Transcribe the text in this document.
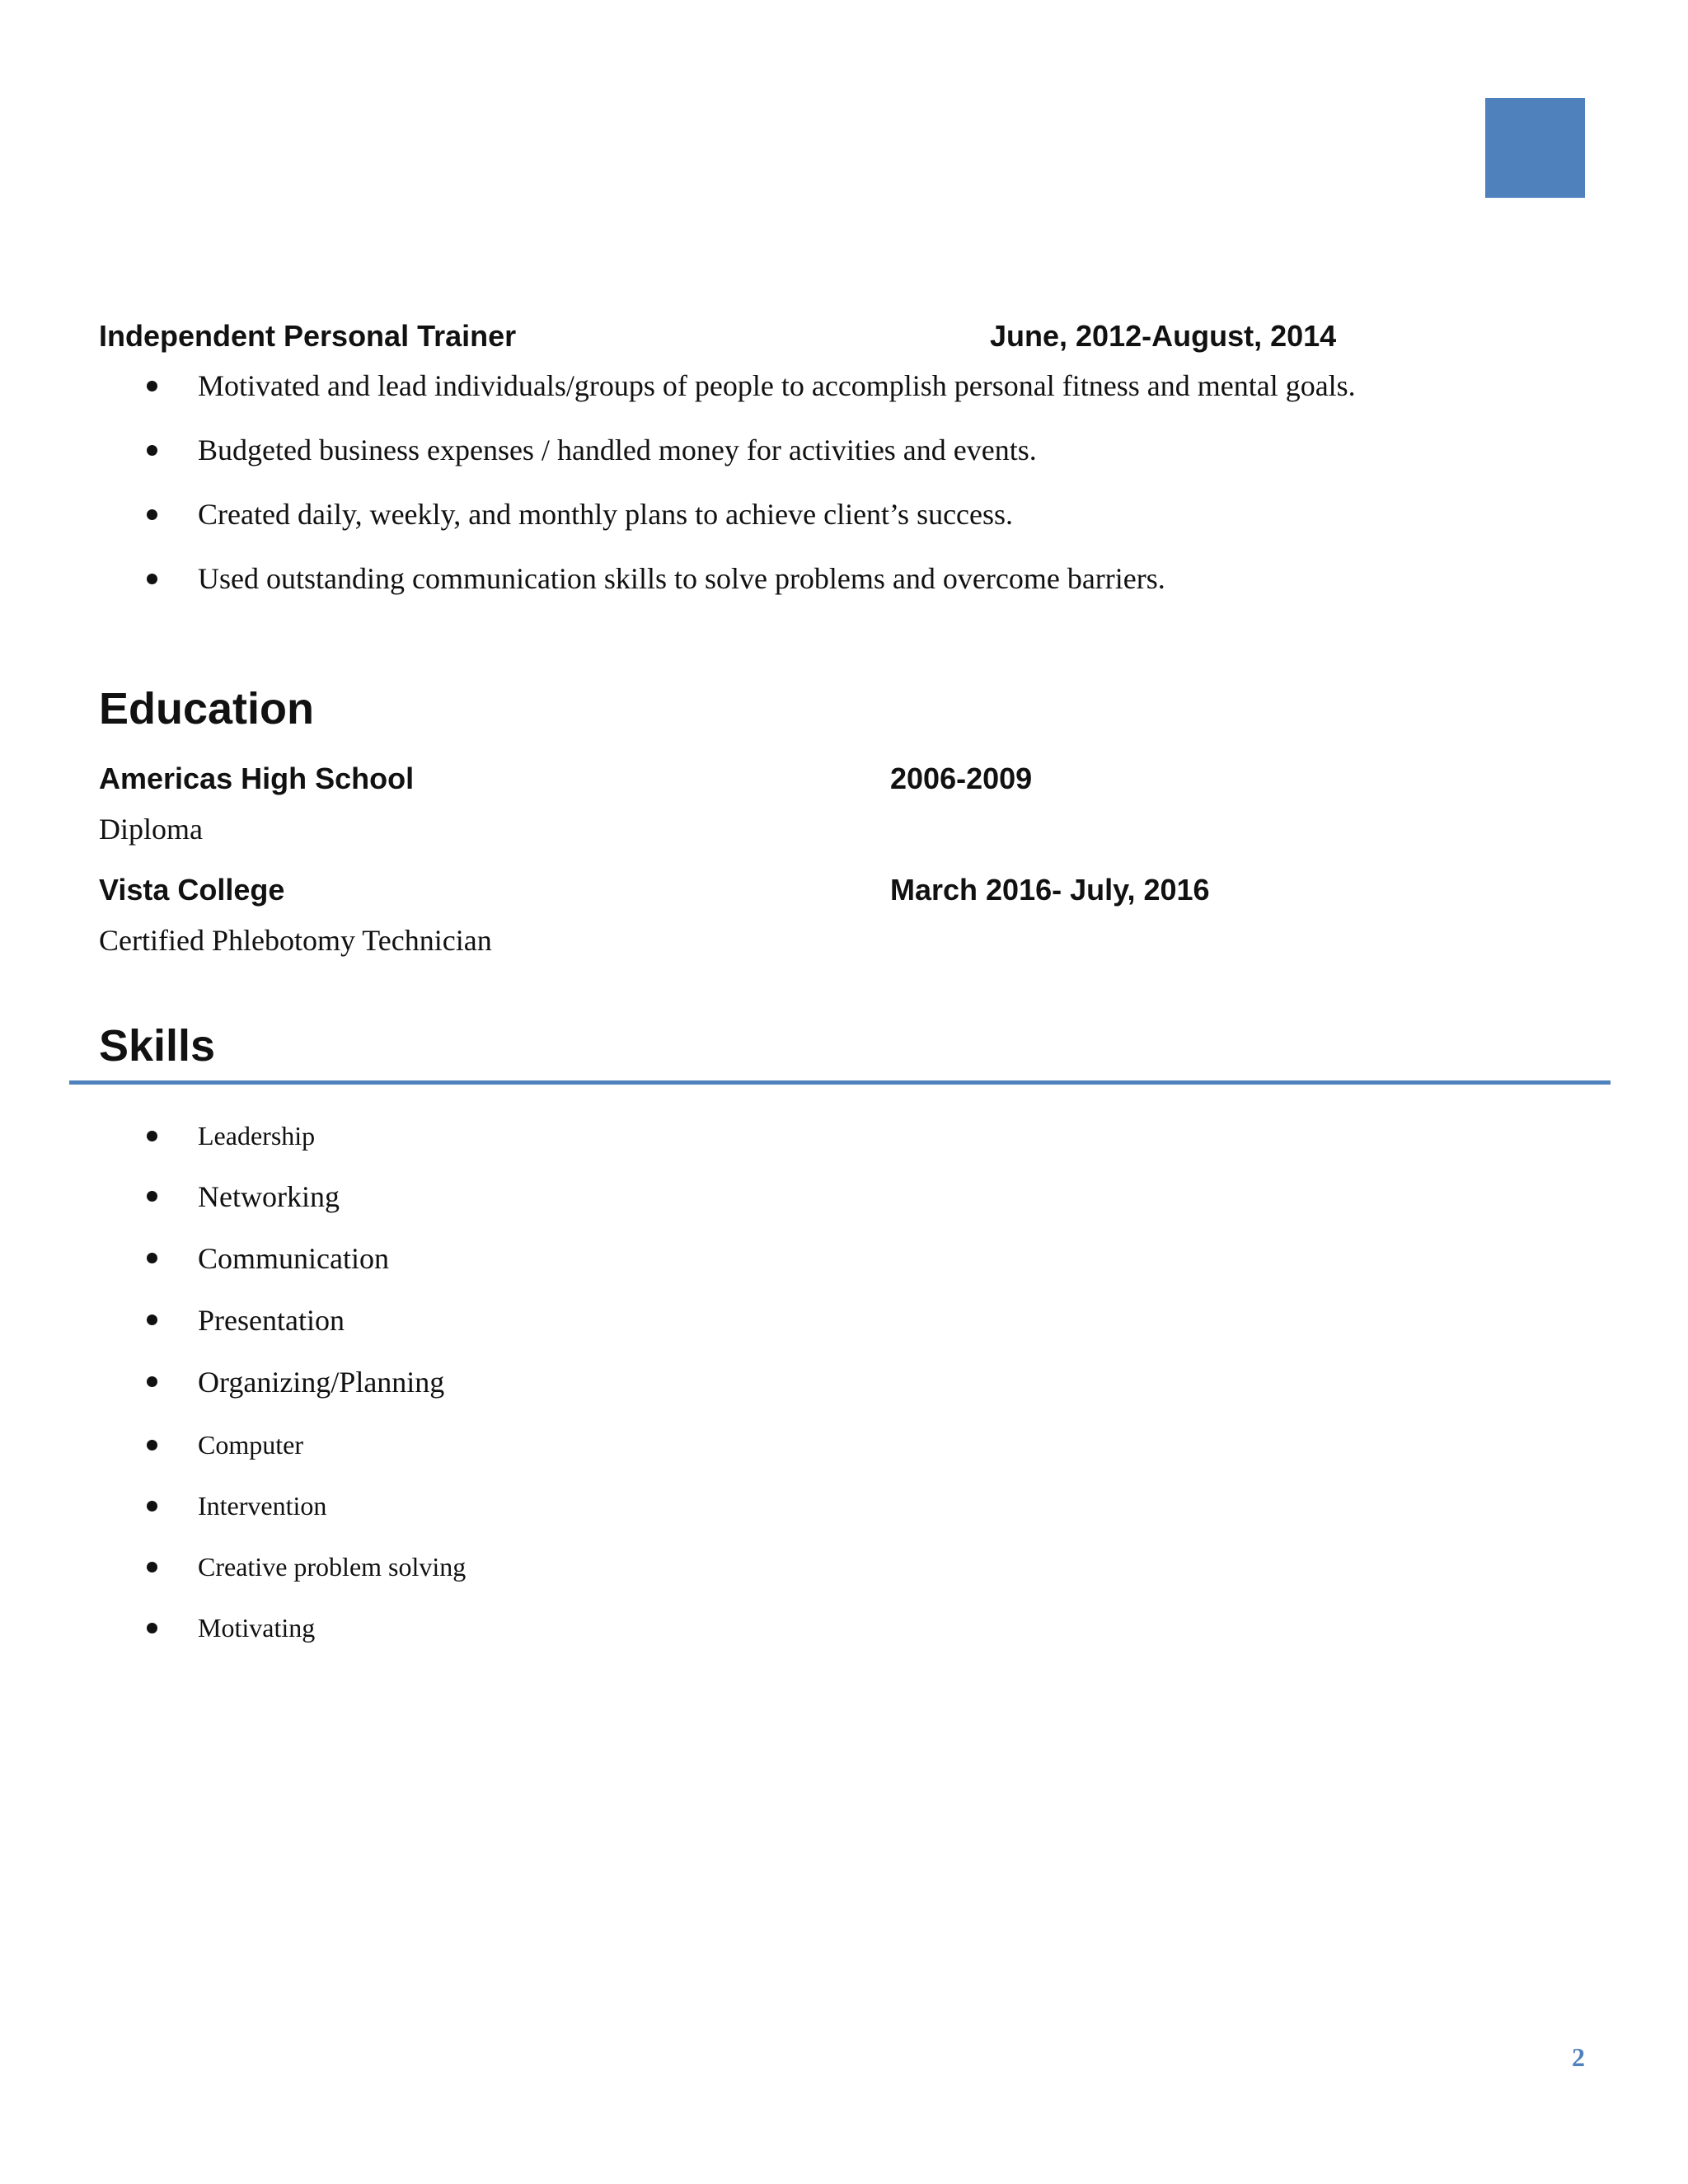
Independent Personal Trainer	June, 2012-August, 2014
Motivated and lead individuals/groups of people to accomplish personal fitness and mental goals.
Budgeted business expenses / handled money for activities and events.
Created daily, weekly, and monthly plans to achieve client’s success.
Used outstanding communication skills to solve problems and overcome barriers.
Education
Americas High School	2006-2009
Diploma
Vista College	March 2016- July, 2016
Certified Phlebotomy Technician
Skills
Leadership
Networking
Communication
Presentation
Organizing/Planning
Computer
Intervention
Creative problem solving
Motivating
2
